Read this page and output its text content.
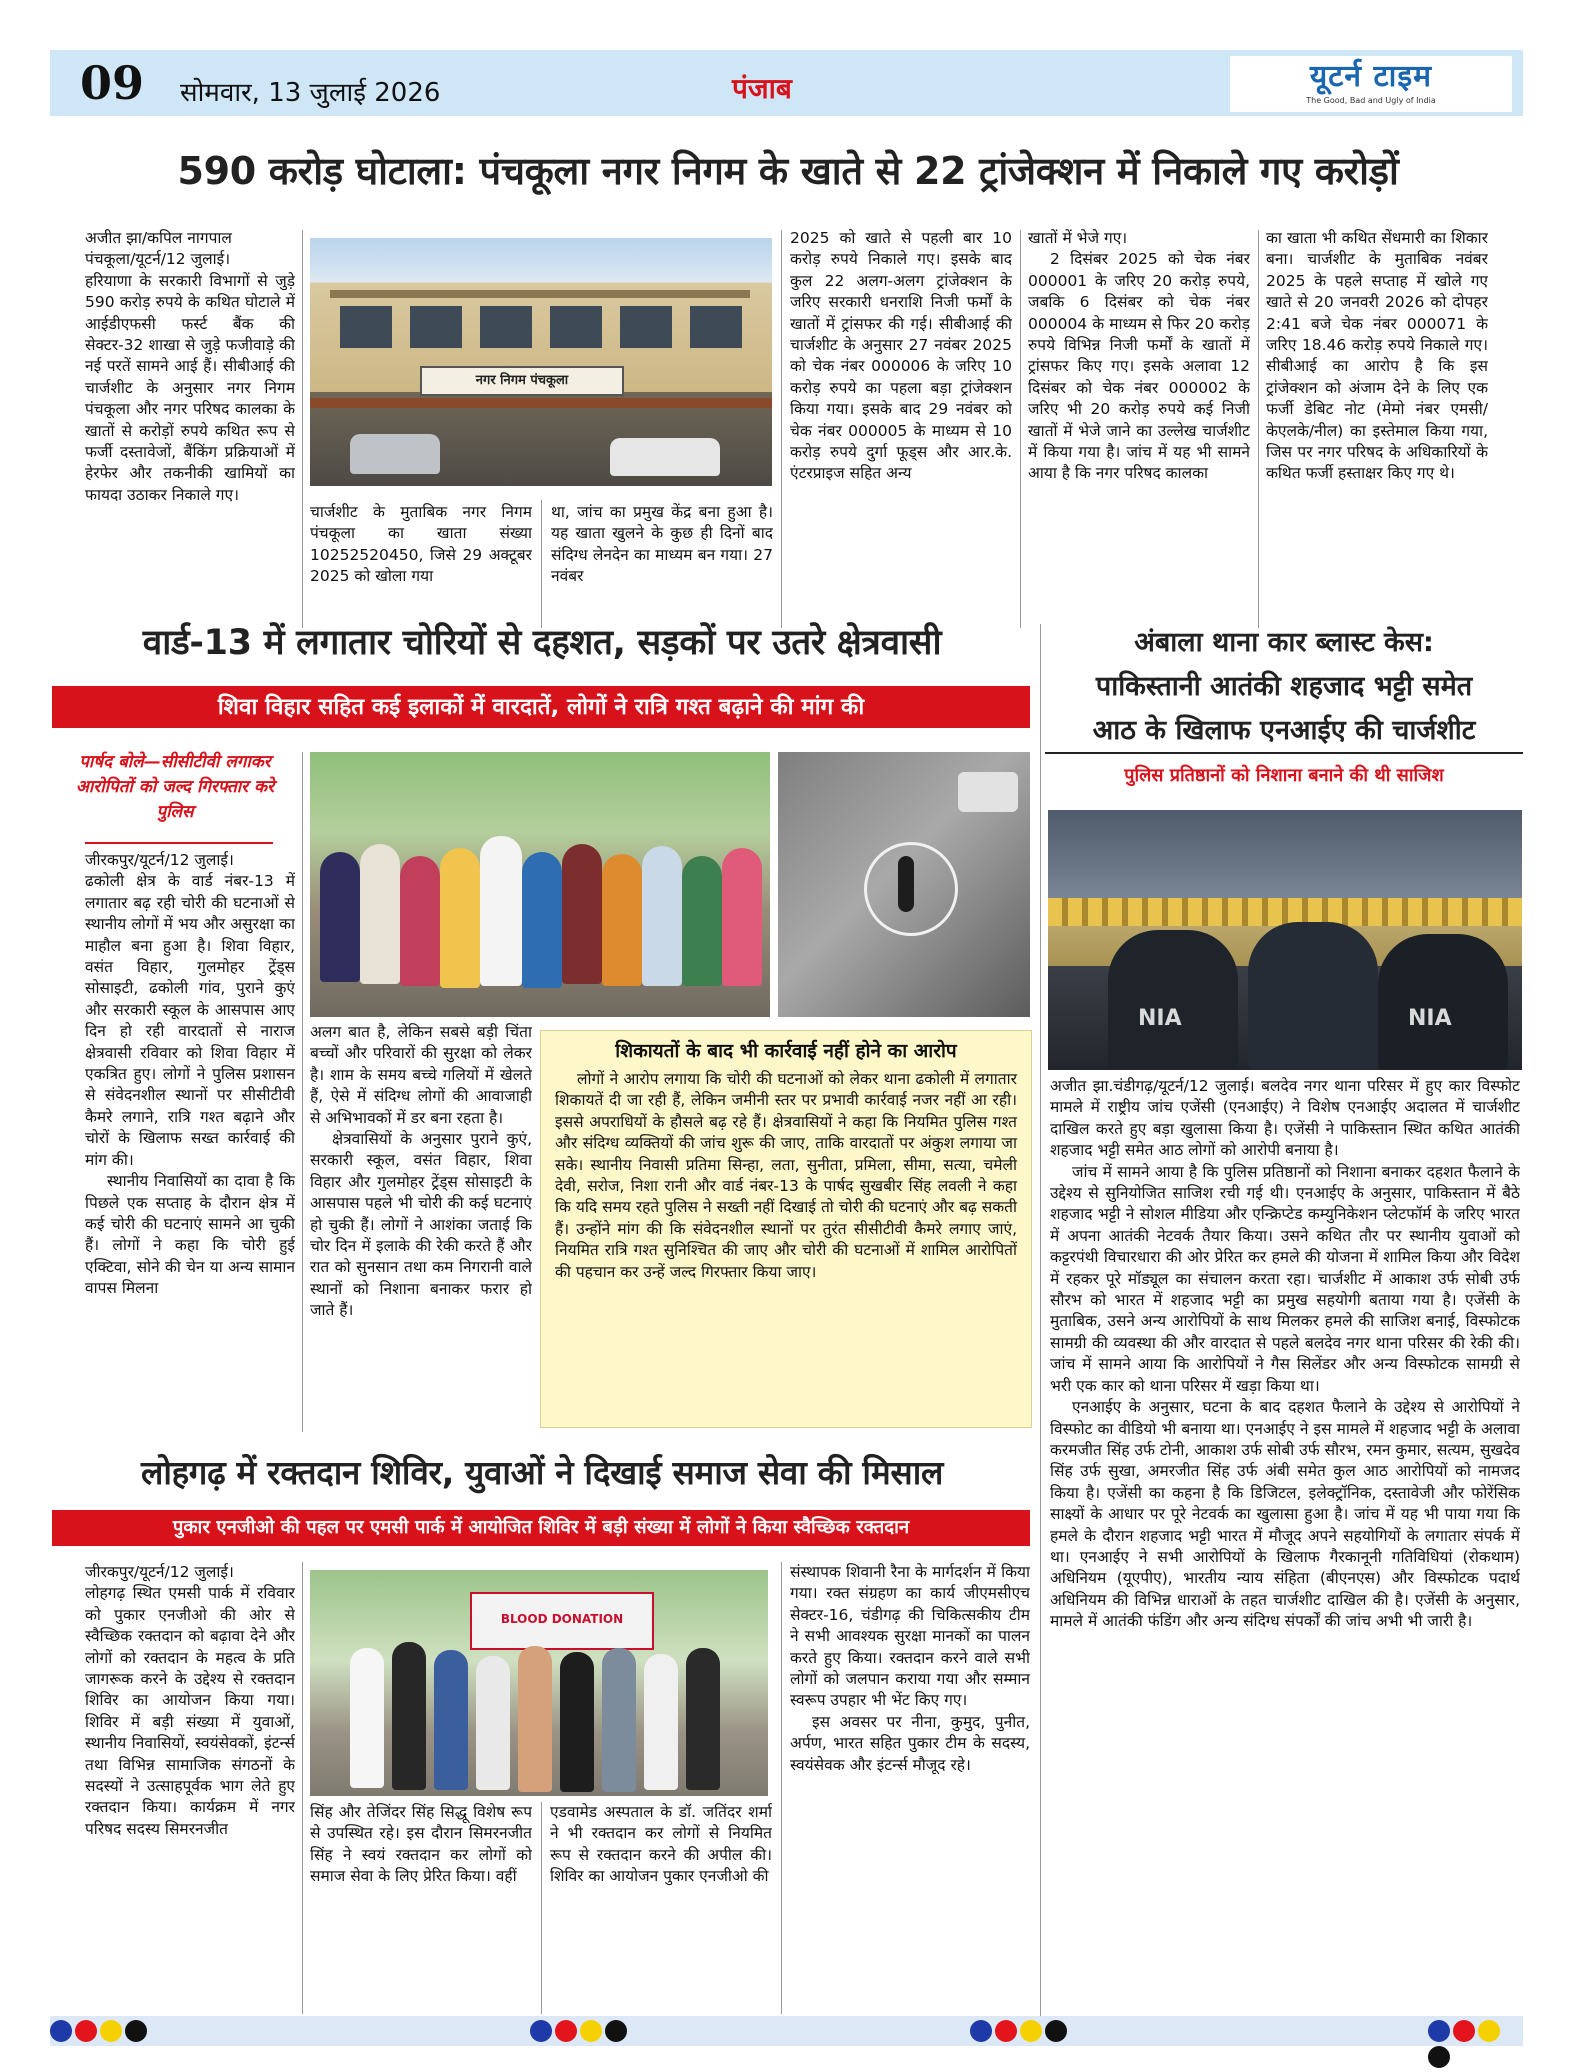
09 सोमवार, 13 जुलाई 2026	पंजाब	यूटर्न टाइम
The Good, Bad and Ugly of India
590 करोड़ घोटाला: पंचकूला नगर निगम के खाते से 22 ट्रांजेक्शन में निकाले गए करोड़ों

अजीत झा/कपिल नागपाल

पंचकूला/यूटर्न/12 जुलाई।

हरियाणा के सरकारी विभागों से जुड़े 590 करोड़ रुपये के कथित घोटाले में आईडीएफसी फर्स्ट बैंक की सेक्टर-32 शाखा से जुड़े फजीवाड़े की नई परतें सामने आई हैं। सीबीआई की चार्जशीट के अनुसार नगर निगम पंचकूला और नगर परिषद कालका के खातों से करोड़ों रुपये कथित रूप से फर्जी दस्तावेजों, बैंकिंग प्रक्रियाओं में हेरफेर और तकनीकी खामियों का फायदा उठाकर निकाले गए।

नगर निगम पंचकूला
चार्जशीट के मुताबिक नगर निगम पंचकूला का खाता संख्या 10252520450, जिसे 29 अक्टूबर 2025 को खोला गया
था, जांच का प्रमुख केंद्र बना हुआ है। यह खाता खुलने के कुछ ही दिनों बाद संदिग्ध लेनदेन का माध्यम बन गया। 27 नवंबर
2025 को खाते से पहली बार 10 करोड़ रुपये निकाले गए। इसके बाद कुल 22 अलग-अलग ट्रांजेक्शन के जरिए सरकारी धनराशि निजी फर्मों के खातों में ट्रांसफर की गई। सीबीआई की चार्जशीट के अनुसार 27 नवंबर 2025 को चेक नंबर 000006 के जरिए 10 करोड़ रुपये का पहला बड़ा ट्रांजेक्शन किया गया। इसके बाद 29 नवंबर को चेक नंबर 000005 के माध्यम से 10 करोड़ रुपये दुर्गा फूड्स और आर.के. एंटरप्राइज सहित अन्य

खातों में भेजे गए।

2 दिसंबर 2025 को चेक नंबर 000001 के जरिए 20 करोड़ रुपये, जबकि 6 दिसंबर को चेक नंबर 000004 के माध्यम से फिर 20 करोड़ रुपये विभिन्न निजी फर्मों के खातों में ट्रांसफर किए गए। इसके अलावा 12 दिसंबर को चेक नंबर 000002 के जरिए भी 20 करोड़ रुपये कई निजी खातों में भेजे जाने का उल्लेख चार्जशीट में किया गया है। जांच में यह भी सामने आया है कि नगर परिषद कालका

का खाता भी कथित सेंधमारी का शिकार बना। चार्जशीट के मुताबिक नवंबर 2025 के पहले सप्ताह में खोले गए खाते से 20 जनवरी 2026 को दोपहर 2:41 बजे चेक नंबर 000071 के जरिए 18.46 करोड़ रुपये निकाले गए। सीबीआई का आरोप है कि इस ट्रांजेक्शन को अंजाम देने के लिए एक फर्जी डेबिट नोट (मेमो नंबर एमसी/केएलके/नील) का इस्तेमाल किया गया, जिस पर नगर परिषद के अधिकारियों के कथित फर्जी हस्ताक्षर किए गए थे।
वार्ड-13 में लगातार चोरियों से दहशत, सड़कों पर उतरे क्षेत्रवासी
शिवा विहार सहित कई इलाकों में वारदातें, लोगों ने रात्रि गश्त बढ़ाने की मांग की
पार्षद बोले—सीसीटीवी लगाकर आरोपितों को जल्द गिरफ्तार करे पुलिस

जीरकपुर/यूटर्न/12 जुलाई।

ढकोली क्षेत्र के वार्ड नंबर-13 में लगातार बढ़ रही चोरी की घटनाओं से स्थानीय लोगों में भय और असुरक्षा का माहौल बना हुआ है। शिवा विहार, वसंत विहार, गुलमोहर ट्रेंड्स सोसाइटी, ढकोली गांव, पुराने कुएं और सरकारी स्कूल के आसपास आए दिन हो रही वारदातों से नाराज क्षेत्रवासी रविवार को शिवा विहार में एकत्रित हुए। लोगों ने पुलिस प्रशासन से संवेदनशील स्थानों पर सीसीटीवी कैमरे लगाने, रात्रि गश्त बढ़ाने और चोरों के खिलाफ सख्त कार्रवाई की मांग की।

स्थानीय निवासियों का दावा है कि पिछले एक सप्ताह के दौरान क्षेत्र में कई चोरी की घटनाएं सामने आ चुकी हैं। लोगों ने कहा कि चोरी हुई एक्टिवा, सोने की चेन या अन्य सामान वापस मिलना

अलग बात है, लेकिन सबसे बड़ी चिंता बच्चों और परिवारों की सुरक्षा को लेकर है। शाम के समय बच्चे गलियों में खेलते हैं, ऐसे में संदिग्ध लोगों की आवाजाही से अभिभावकों में डर बना रहता है।

क्षेत्रवासियों के अनुसार पुराने कुएं, सरकारी स्कूल, वसंत विहार, शिवा विहार और गुलमोहर ट्रेंड्स सोसाइटी के आसपास पहले भी चोरी की कई घटनाएं हो चुकी हैं। लोगों ने आशंका जताई कि चोर दिन में इलाके की रेकी करते हैं और रात को सुनसान तथा कम निगरानी वाले स्थानों को निशाना बनाकर फरार हो जाते हैं।

शिकायतों के बाद भी कार्रवाई नहीं होने का आरोप

लोगों ने आरोप लगाया कि चोरी की घटनाओं को लेकर थाना ढकोली में लगातार शिकायतें दी जा रही हैं, लेकिन जमीनी स्तर पर प्रभावी कार्रवाई नजर नहीं आ रही। इससे अपराधियों के हौसले बढ़ रहे हैं। क्षेत्रवासियों ने कहा कि नियमित पुलिस गश्त और संदिग्ध व्यक्तियों की जांच शुरू की जाए, ताकि वारदातों पर अंकुश लगाया जा सके। स्थानीय निवासी प्रतिमा सिन्हा, लता, सुनीता, प्रमिला, सीमा, सत्या, चमेली देवी, सरोज, निशा रानी और वार्ड नंबर-13 के पार्षद सुखबीर सिंह लवली ने कहा कि यदि समय रहते पुलिस ने सख्ती नहीं दिखाई तो चोरी की घटनाएं और बढ़ सकती हैं। उन्होंने मांग की कि संवेदनशील स्थानों पर तुरंत सीसीटीवी कैमरे लगाए जाएं, नियमित रात्रि गश्त सुनिश्चित की जाए और चोरी की घटनाओं में शामिल आरोपितों की पहचान कर उन्हें जल्द गिरफ्तार किया जाए।

अंबाला थाना कार ब्लास्ट केस:
पाकिस्तानी आतंकी शहजाद भट्टी समेत
आठ के खिलाफ एनआईए की चार्जशीट
पुलिस प्रतिष्ठानों को निशाना बनाने की थी साजिश
NIA	NIA

अजीत झा.चंडीगढ़/यूटर्न/12 जुलाई। बलदेव नगर थाना परिसर में हुए कार विस्फोट मामले में राष्ट्रीय जांच एजेंसी (एनआईए) ने विशेष एनआईए अदालत में चार्जशीट दाखिल करते हुए बड़ा खुलासा किया है। एजेंसी ने पाकिस्तान स्थित कथित आतंकी शहजाद भट्टी समेत आठ लोगों को आरोपी बनाया है।

जांच में सामने आया है कि पुलिस प्रतिष्ठानों को निशाना बनाकर दहशत फैलाने के उद्देश्य से सुनियोजित साजिश रची गई थी। एनआईए के अनुसार, पाकिस्तान में बैठे शहजाद भट्टी ने सोशल मीडिया और एन्क्रिप्टेड कम्युनिकेशन प्लेटफॉर्म के जरिए भारत में अपना आतंकी नेटवर्क तैयार किया। उसने कथित तौर पर स्थानीय युवाओं को कट्टरपंथी विचारधारा की ओर प्रेरित कर हमले की योजना में शामिल किया और विदेश में रहकर पूरे मॉड्यूल का संचालन करता रहा। चार्जशीट में आकाश उर्फ सोबी उर्फ सौरभ को भारत में शहजाद भट्टी का प्रमुख सहयोगी बताया गया है। एजेंसी के मुताबिक, उसने अन्य आरोपियों के साथ मिलकर हमले की साजिश बनाई, विस्फोटक सामग्री की व्यवस्था की और वारदात से पहले बलदेव नगर थाना परिसर की रेकी की। जांच में सामने आया कि आरोपियों ने गैस सिलेंडर और अन्य विस्फोटक सामग्री से भरी एक कार को थाना परिसर में खड़ा किया था।

एनआईए के अनुसार, घटना के बाद दहशत फैलाने के उद्देश्य से आरोपियों ने विस्फोट का वीडियो भी बनाया था। एनआईए ने इस मामले में शहजाद भट्टी के अलावा करमजीत सिंह उर्फ टोनी, आकाश उर्फ सोबी उर्फ सौरभ, रमन कुमार, सत्यम, सुखदेव सिंह उर्फ सुखा, अमरजीत सिंह उर्फ अंबी समेत कुल आठ आरोपियों को नामजद किया है। एजेंसी का कहना है कि डिजिटल, इलेक्ट्रॉनिक, दस्तावेजी और फोरेंसिक साक्ष्यों के आधार पर पूरे नेटवर्क का खुलासा हुआ है। जांच में यह भी पाया गया कि हमले के दौरान शहजाद भट्टी भारत में मौजूद अपने सहयोगियों के लगातार संपर्क में था। एनआईए ने सभी आरोपियों के खिलाफ गैरकानूनी गतिविधियां (रोकथाम) अधिनियम (यूएपीए), भारतीय न्याय संहिता (बीएनएस) और विस्फोटक पदार्थ अधिनियम की विभिन्न धाराओं के तहत चार्जशीट दाखिल की है। एजेंसी के अनुसार, मामले में आतंकी फंडिंग और अन्य संदिग्ध संपर्कों की जांच अभी भी जारी है।

लोहगढ़ में रक्तदान शिविर, युवाओं ने दिखाई समाज सेवा की मिसाल
पुकार एनजीओ की पहल पर एमसी पार्क में आयोजित शिविर में बड़ी संख्या में लोगों ने किया स्वैच्छिक रक्तदान

जीरकपुर/यूटर्न/12 जुलाई।

लोहगढ़ स्थित एमसी पार्क में रविवार को पुकार एनजीओ की ओर से स्वैच्छिक रक्तदान को बढ़ावा देने और लोगों को रक्तदान के महत्व के प्रति जागरूक करने के उद्देश्य से रक्तदान शिविर का आयोजन किया गया। शिविर में बड़ी संख्या में युवाओं, स्थानीय निवासियों, स्वयंसेवकों, इंटर्न्स तथा विभिन्न सामाजिक संगठनों के सदस्यों ने उत्साहपूर्वक भाग लेते हुए रक्तदान किया। कार्यक्रम में नगर परिषद सदस्य सिमरनजीत

BLOOD DONATION
सिंह और तेजिंदर सिंह सिद्धू विशेष रूप से उपस्थित रहे। इस दौरान सिमरनजीत सिंह ने स्वयं रक्तदान कर लोगों को समाज सेवा के लिए प्रेरित किया। वहीं
एडवामेड अस्पताल के डॉ. जतिंदर शर्मा ने भी रक्तदान कर लोगों से नियमित रूप से रक्तदान करने की अपील की। शिविर का आयोजन पुकार एनजीओ की

संस्थापक शिवानी रैना के मार्गदर्शन में किया गया। रक्त संग्रहण का कार्य जीएमसीएच सेक्टर-16, चंडीगढ़ की चिकित्सकीय टीम ने सभी आवश्यक सुरक्षा मानकों का पालन करते हुए किया। रक्तदान करने वाले सभी लोगों को जलपान कराया गया और सम्मान स्वरूप उपहार भी भेंट किए गए।

इस अवसर पर नीना, कुमुद, पुनीत, अर्पण, भारत सहित पुकार टीम के सदस्य, स्वयंसेवक और इंटर्न्स मौजूद रहे।
